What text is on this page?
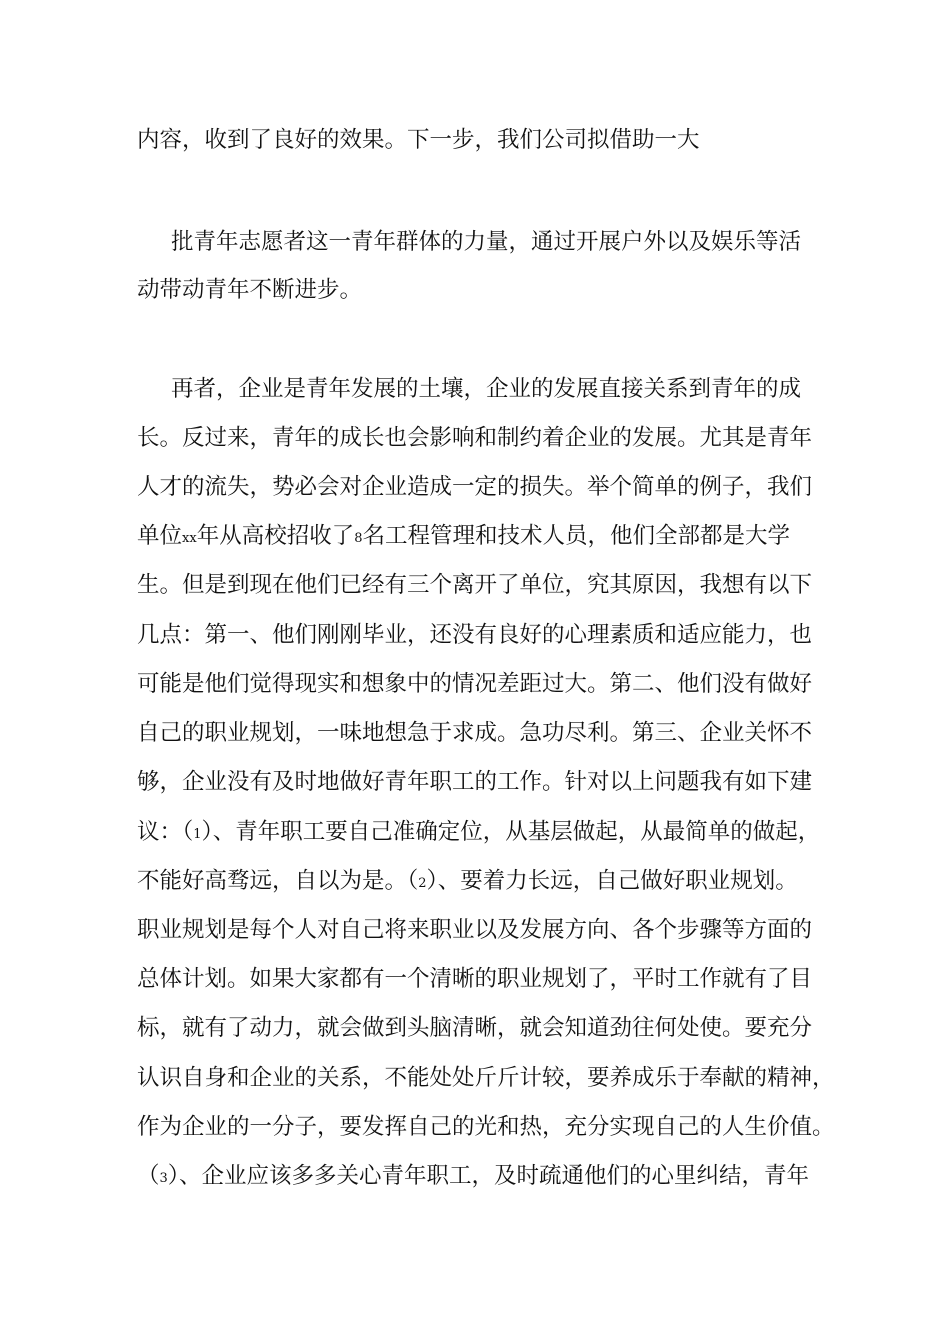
内容，收到了良好的效果。下一步，我们公司拟借助一大
批青年志愿者这一青年群体的力量，通过开展户外以及娱乐等活
动带动青年不断进步。
再者，企业是青年发展的土壤，企业的发展直接关系到青年的成
长。反过来，青年的成长也会影响和制约着企业的发展。尤其是青年
人才的流失，势必会对企业造成一定的损失。举个简单的例子，我们
单位xx年从高校招收了8名工程管理和技术人员，他们全部都是大学
生。但是到现在他们已经有三个离开了单位，究其原因，我想有以下
几点：第一、他们刚刚毕业，还没有良好的心理素质和适应能力，也
可能是他们觉得现实和想象中的情况差距过大。第二、他们没有做好
自己的职业规划，一味地想急于求成。急功尽利。第三、企业关怀不
够，企业没有及时地做好青年职工的工作。针对以上问题我有如下建
议：（1）、青年职工要自己准确定位，从基层做起，从最简单的做起，
不能好高骛远，自以为是。（2）、要着力长远，自己做好职业规划。
职业规划是每个人对自己将来职业以及发展方向、各个步骤等方面的
总体计划。如果大家都有一个清晰的职业规划了，平时工作就有了目
标，就有了动力，就会做到头脑清晰，就会知道劲往何处使。要充分
认识自身和企业的关系，不能处处斤斤计较，要养成乐于奉献的精神，
作为企业的一分子，要发挥自己的光和热，充分实现自己的人生价值。
（3）、企业应该多多关心青年职工，及时疏通他们的心里纠结，青年
